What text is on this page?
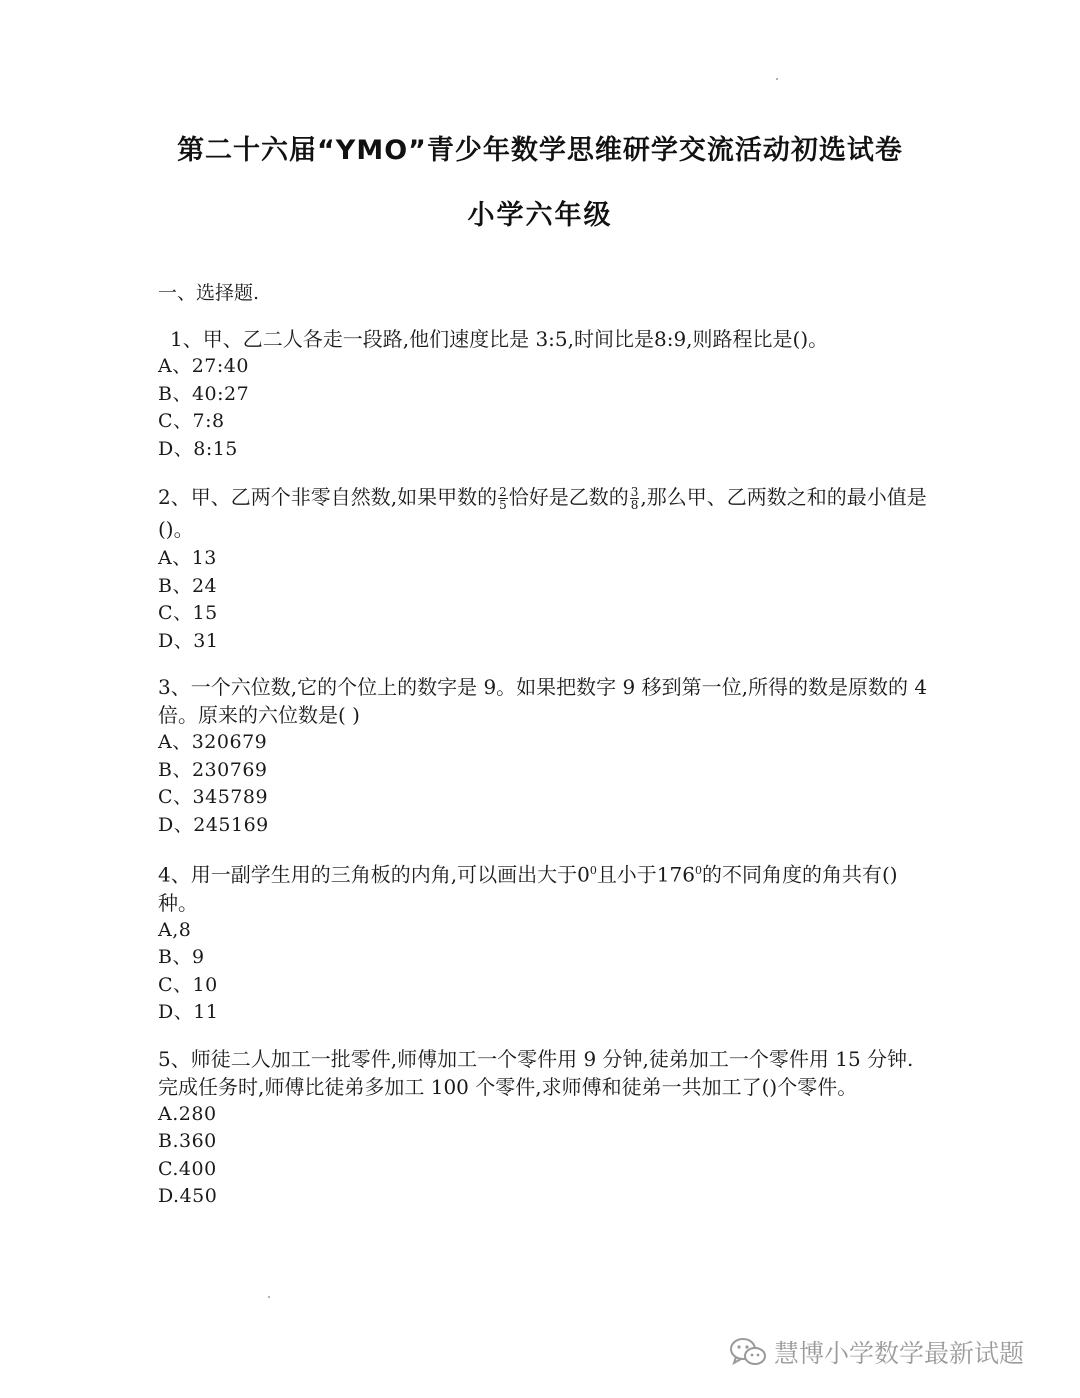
第二十六届“YMO”青少年数学思维研学交流活动初选试卷
小学六年级

一、选择题.

1、甲、乙二人各走一段路,他们速度比是 3:5,时间比是8:9,则路程比是()。

A、27:40

B、40:27

C、7:8

D、8:15

2、甲、乙两个非零自然数,如果甲数的 $\frac{2}{5}$ 恰好是乙数的 $\frac{3}{8}$ ,那么甲、乙两数之和的最小值是()。

A、13

B、24

C、15

D、31

3、一个六位数,它的个位上的数字是 9。如果把数字 9 移到第一位,所得的数是原数的 4 倍。原来的六位数是( )

A、320679

B、230769

C、345789

D、245169

4、用一副学生用的三角板的内角,可以画出大于$0^0$且小于$176^0$的不同角度的角共有()种。

A,8

B、9

C、10

D、11

5、师徒二人加工一批零件,师傅加工一个零件用 9 分钟,徒弟加工一个零件用 15 分钟.完成任务时,师傅比徒弟多加工 100 个零件,求师傅和徒弟一共加工了()个零件。

A.280

B.360

C.400

D.450

慧博小学数学最新试题
